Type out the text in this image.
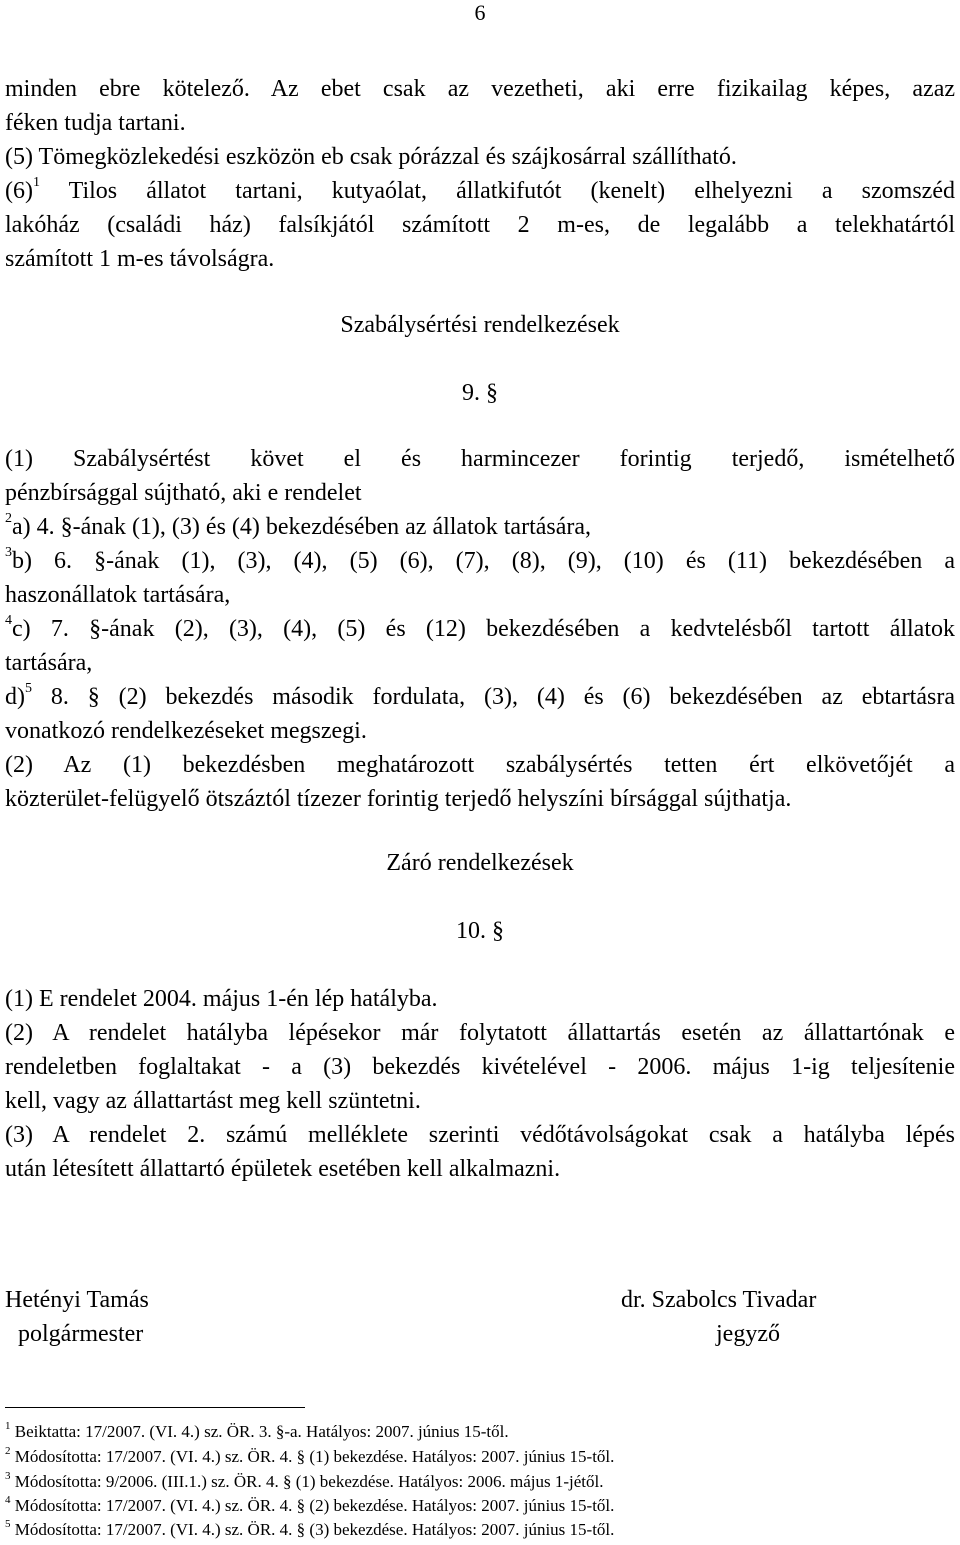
6
minden ebre kötelező. Az ebet csak az vezetheti, aki erre fizikailag képes, azaz
féken tudja tartani.
(5) Tömegközlekedési eszközön eb csak pórázzal és szájkosárral szállítható.
$(6)^1$ Tilos állatot tartani, kutyaólat, állatkifutót (kenelt) elhelyezni a szomszéd
lakóház (családi ház) falsíkjától számított 2 m-es, de legalább a telekhatártól
számított 1 m-es távolságra.
Szabálysértési rendelkezések
9. §
(1) Szabálysértést követ el és harmincezer forintig terjedő, ismételhető
pénzbírsággal sújtható, aki e rendelet
$^2$a) 4. §-ának (1), (3) és (4) bekezdésében az állatok tartására,
$^3$b) 6. §-ának (1), (3), (4), (5) (6), (7), (8), (9), (10) és (11) bekezdésében a
haszonállatok tartására,
$^4$c) 7. §-ának (2), (3), (4), (5) és (12) bekezdésében a kedvtelésből tartott állatok
tartására,
d)$^5$ 8. § (2) bekezdés második fordulata, (3), (4) és (6) bekezdésében az ebtartásra
vonatkozó rendelkezéseket megszegi.
(2) Az (1) bekezdésben meghatározott szabálysértés tetten ért elkövetőjét a
közterület-felügyelő ötszáztól tízezer forintig terjedő helyszíni bírsággal sújthatja.
Záró rendelkezések
10. §
(1) E rendelet 2004. május 1-én lép hatályba.
(2) A rendelet hatályba lépésekor már folytatott állattartás esetén az állattartónak e
rendeletben foglaltakat - a (3) bekezdés kivételével - 2006. május 1-ig teljesítenie
kell, vagy az állattartást meg kell szüntetni.
(3) A rendelet 2. számú melléklete szerinti védőtávolságokat csak a hatályba lépés
után létesített állattartó épületek esetében kell alkalmazni.
Hetényi Tamás
polgármester
dr. Szabolcs Tivadar
jegyző
$^1$ Beiktatta: 17/2007. (VI. 4.) sz. ÖR. 3. §-a. Hatályos: 2007. június 15-től.
$^2$ Módosította: 17/2007. (VI. 4.) sz. ÖR. 4. § (1) bekezdése. Hatályos: 2007. június 15-től.
$^3$ Módosította: 9/2006. (III.1.) sz. ÖR. 4. § (1) bekezdése. Hatályos: 2006. május 1-jétől.
$^4$ Módosította: 17/2007. (VI. 4.) sz. ÖR. 4. § (2) bekezdése. Hatályos: 2007. június 15-től.
$^5$ Módosította: 17/2007. (VI. 4.) sz. ÖR. 4. § (3) bekezdése. Hatályos: 2007. június 15-től.
